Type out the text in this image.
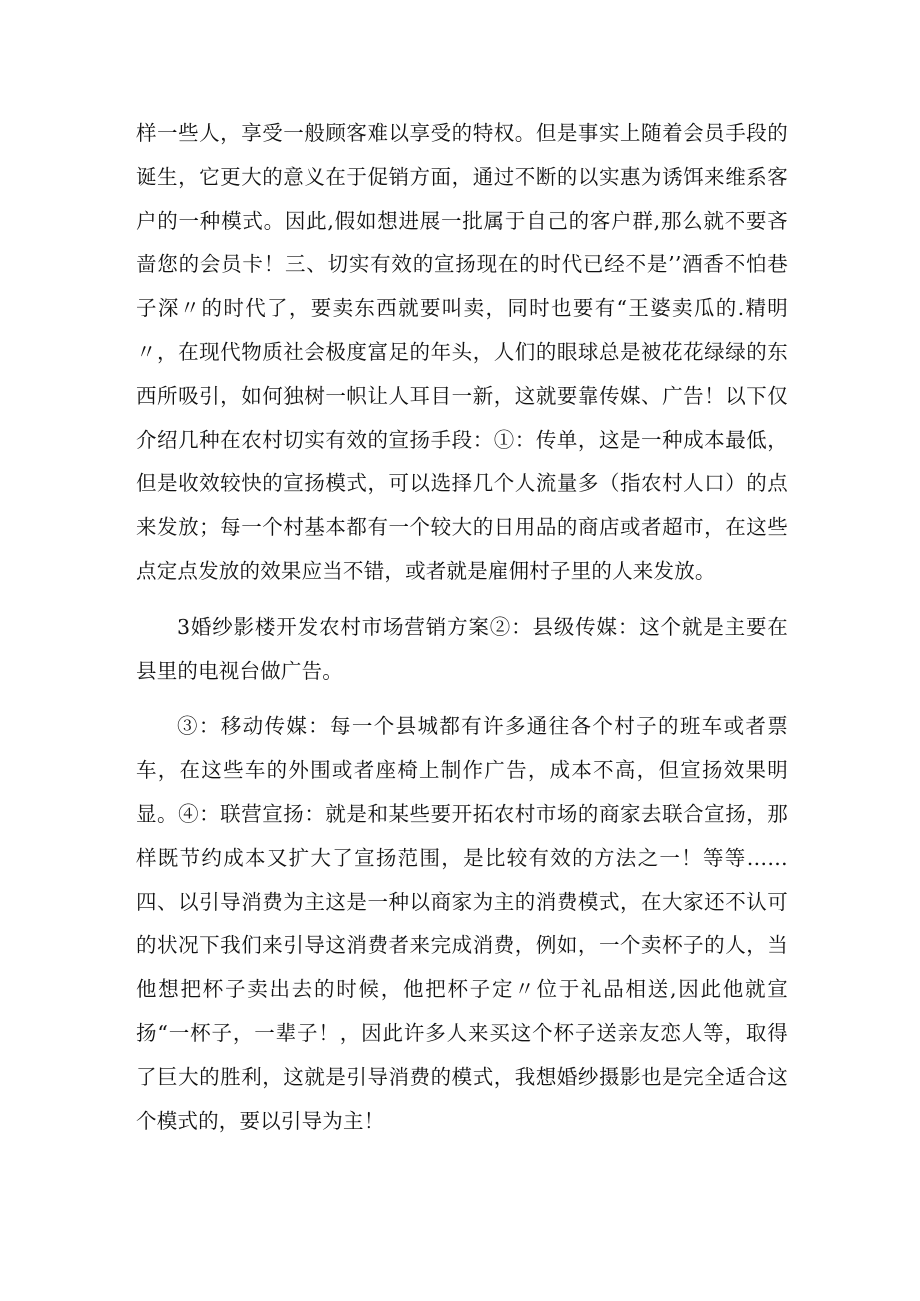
样一些人，享受一般顾客难以享受的特权。但是事实上随着会员手段的诞生，它更大的意义在于促销方面，通过不断的以实惠为诱饵来维系客户的一种模式。因此,假如想进展一批属于自己的客户群,那么就不要吝啬您的会员卡！三、切实有效的宣扬现在的时代已经不是’’酒香不怕巷子深〃的时代了，要卖东西就要叫卖，同时也要有“王婆卖瓜的.精明〃，在现代物质社会极度富足的年头，人们的眼球总是被花花绿绿的东西所吸引，如何独树一帜让人耳目一新，这就要靠传媒、广告！以下仅介绍几种在农村切实有效的宣扬手段：①：传单，这是一种成本最低，但是收效较快的宣扬模式，可以选择几个人流量多（指农村人口）的点来发放；每一个村基本都有一个较大的日用品的商店或者超市，在这些点定点发放的效果应当不错，或者就是雇佣村子里的人来发放。

3婚纱影楼开发农村市场营销方案②：县级传媒：这个就是主要在县里的电视台做广告。

③：移动传媒：每一个县城都有许多通往各个村子的班车或者票车，在这些车的外围或者座椅上制作广告，成本不高，但宣扬效果明显。④：联营宣扬：就是和某些要开拓农村市场的商家去联合宣扬，那样既节约成本又扩大了宣扬范围，是比较有效的方法之一！等等……四、以引导消费为主这是一种以商家为主的消费模式，在大家还不认可的状况下我们来引导这消费者来完成消费，例如，一个卖杯子的人，当他想把杯子卖出去的时候，他把杯子定〃位于礼品相送,因此他就宣扬“一杯子，一辈子！，因此许多人来买这个杯子送亲友恋人等，取得了巨大的胜利，这就是引导消费的模式，我想婚纱摄影也是完全适合这个模式的，要以引导为主！
